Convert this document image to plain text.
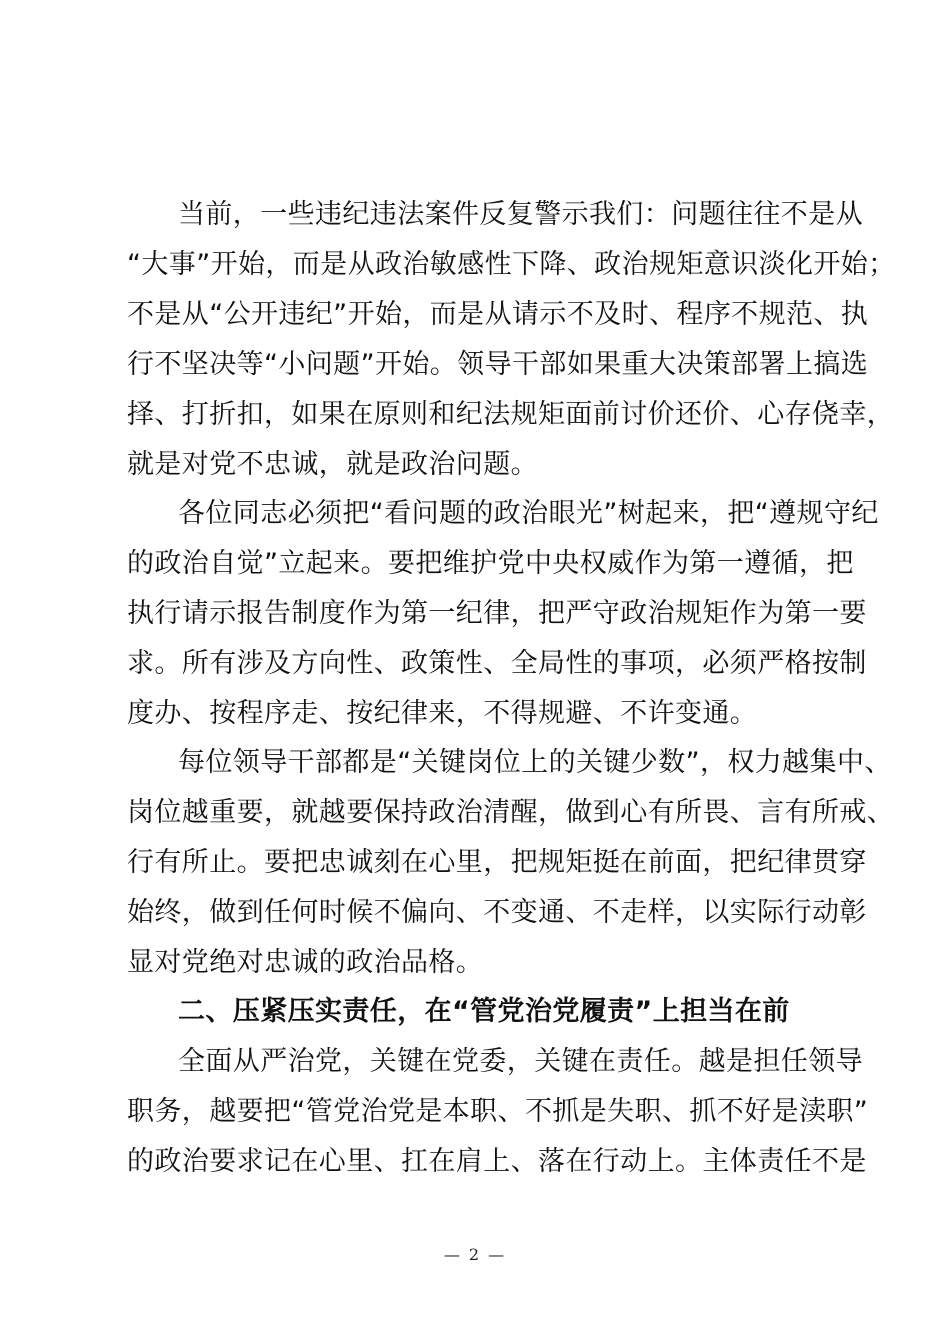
当前，一些违纪违法案件反复警示我们：问题往往不是从
“大事”开始，而是从政治敏感性下降、政治规矩意识淡化开始；
不是从“公开违纪”开始，而是从请示不及时、程序不规范、执
行不坚决等“小问题”开始。领导干部如果重大决策部署上搞选
择、打折扣，如果在原则和纪法规矩面前讨价还价、心存侥幸，
就是对党不忠诚，就是政治问题。
各位同志必须把“看问题的政治眼光”树起来，把“遵规守纪
的政治自觉”立起来。要把维护党中央权威作为第一遵循，把
执行请示报告制度作为第一纪律，把严守政治规矩作为第一要
求。所有涉及方向性、政策性、全局性的事项，必须严格按制
度办、按程序走、按纪律来，不得规避、不许变通。
每位领导干部都是“关键岗位上的关键少数”，权力越集中、
岗位越重要，就越要保持政治清醒，做到心有所畏、言有所戒、
行有所止。要把忠诚刻在心里，把规矩挺在前面，把纪律贯穿
始终，做到任何时候不偏向、不变通、不走样，以实际行动彰
显对党绝对忠诚的政治品格。
二、压紧压实责任，在“管党治党履责”上担当在前
全面从严治党，关键在党委，关键在责任。越是担任领导
职务，越要把“管党治党是本职、不抓是失职、抓不好是渎职”
的政治要求记在心里、扛在肩上、落在行动上。主体责任不是
— 2 —
